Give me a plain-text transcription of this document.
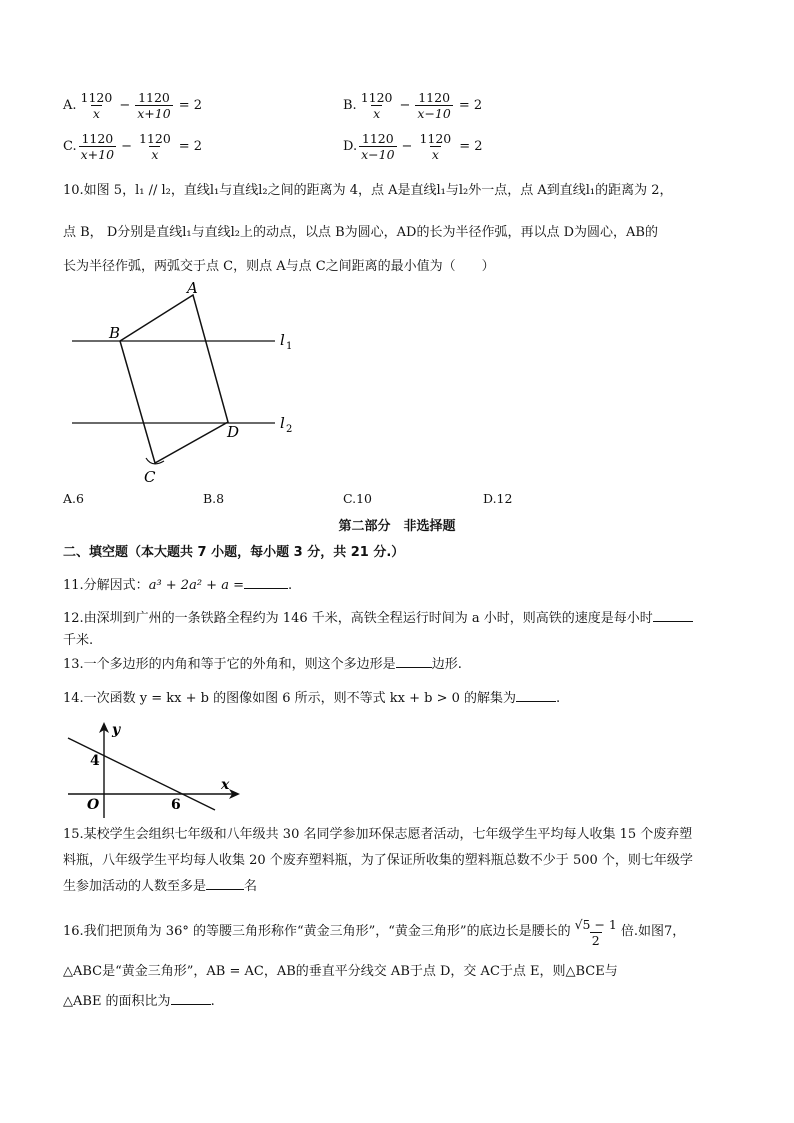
A. $\frac{1120}{x} - \frac{1120}{x+10} = 2$	B. $\frac{1120}{x} - \frac{1120}{x-10} = 2$
C. $\frac{1120}{x+10} - \frac{1120}{x} = 2$	D. $\frac{1120}{x-10} - \frac{1120}{x} = 2$
10.如图 5，l₁ // l₂，直线l₁与直线l₂之间的距离为 4，点 A是直线l₁与l₂外一点，点 A到直线l₁的距离为 2，
点 B， D分别是直线l₁与直线l₂上的动点，以点 B为圆心，AD的长为半径作弧，再以点 D为圆心，AB的
长为半径作弧，两弧交于点 C，则点 A与点 C之间距离的最小值为（　　）
A
B
D
C
l 1
l 2
A.6	B.8	C.10	D.12
第二部分　非选择题
二、填空题（本大题共 7 小题，每小题 3 分，共 21 分.）
11.分解因式：a³ + 2a² + a =	.
12.由深圳到广州的一条铁路全程约为 146 千米，高铁全程运行时间为 a 小时，则高铁的速度是每小时
千米.
13.一个多边形的内角和等于它的外角和，则这个多边形是	边形.
14.一次函数 y = kx + b 的图像如图 6 所示，则不等式 kx + b > 0 的解集为	.
y
x
O
4
6
15.某校学生会组织七年级和八年级共 30 名同学参加环保志愿者活动，七年级学生平均每人收集 15 个废弃塑
料瓶，八年级学生平均每人收集 20 个废弃塑料瓶，为了保证所收集的塑料瓶总数不少于 500 个，则七年级学
生参加活动的人数至多是	名
16.我们把顶角为 36° 的等腰三角形称作“黄金三角形”，“黄金三角形”的底边长是腰长的 $\frac{√5 - 1}{2}$ 倍.如图7，
△ABC是“黄金三角形”，AB = AC，AB的垂直平分线交 AB于点 D，交 AC于点 E，则△BCE与
△ABE 的面积比为	.
